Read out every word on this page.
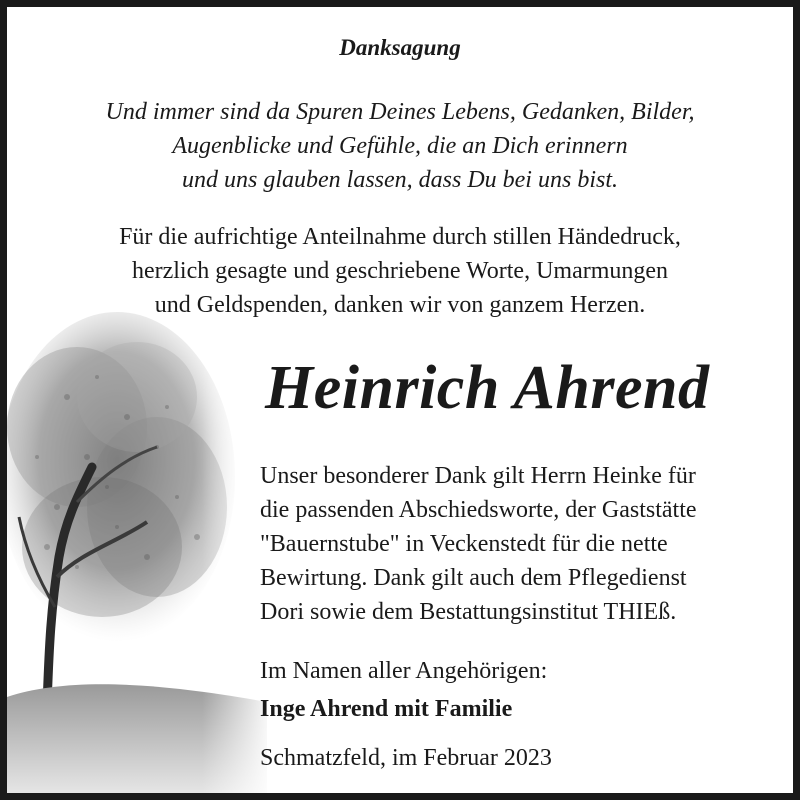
Danksagung
Und immer sind da Spuren Deines Lebens, Gedanken, Bilder,
Augenblicke und Gefühle, die an Dich erinnern
und uns glauben lassen, dass Du bei uns bist.
Für die aufrichtige Anteilnahme durch stillen Händedruck,
herzlich gesagte und geschriebene Worte, Umarmungen
und Geldspenden, danken wir von ganzem Herzen.
Heinrich Ahrend
Unser besonderer Dank gilt Herrn Heinke für
die passenden Abschiedsworte, der Gaststätte
"Bauernstube" in Veckenstedt für die nette
Bewirtung. Dank gilt auch dem Pflegedienst
Dori sowie dem Bestattungsinstitut THIEß.
Im Namen aller Angehörigen:
Inge Ahrend mit Familie
Schmatzfeld, im Februar 2023
